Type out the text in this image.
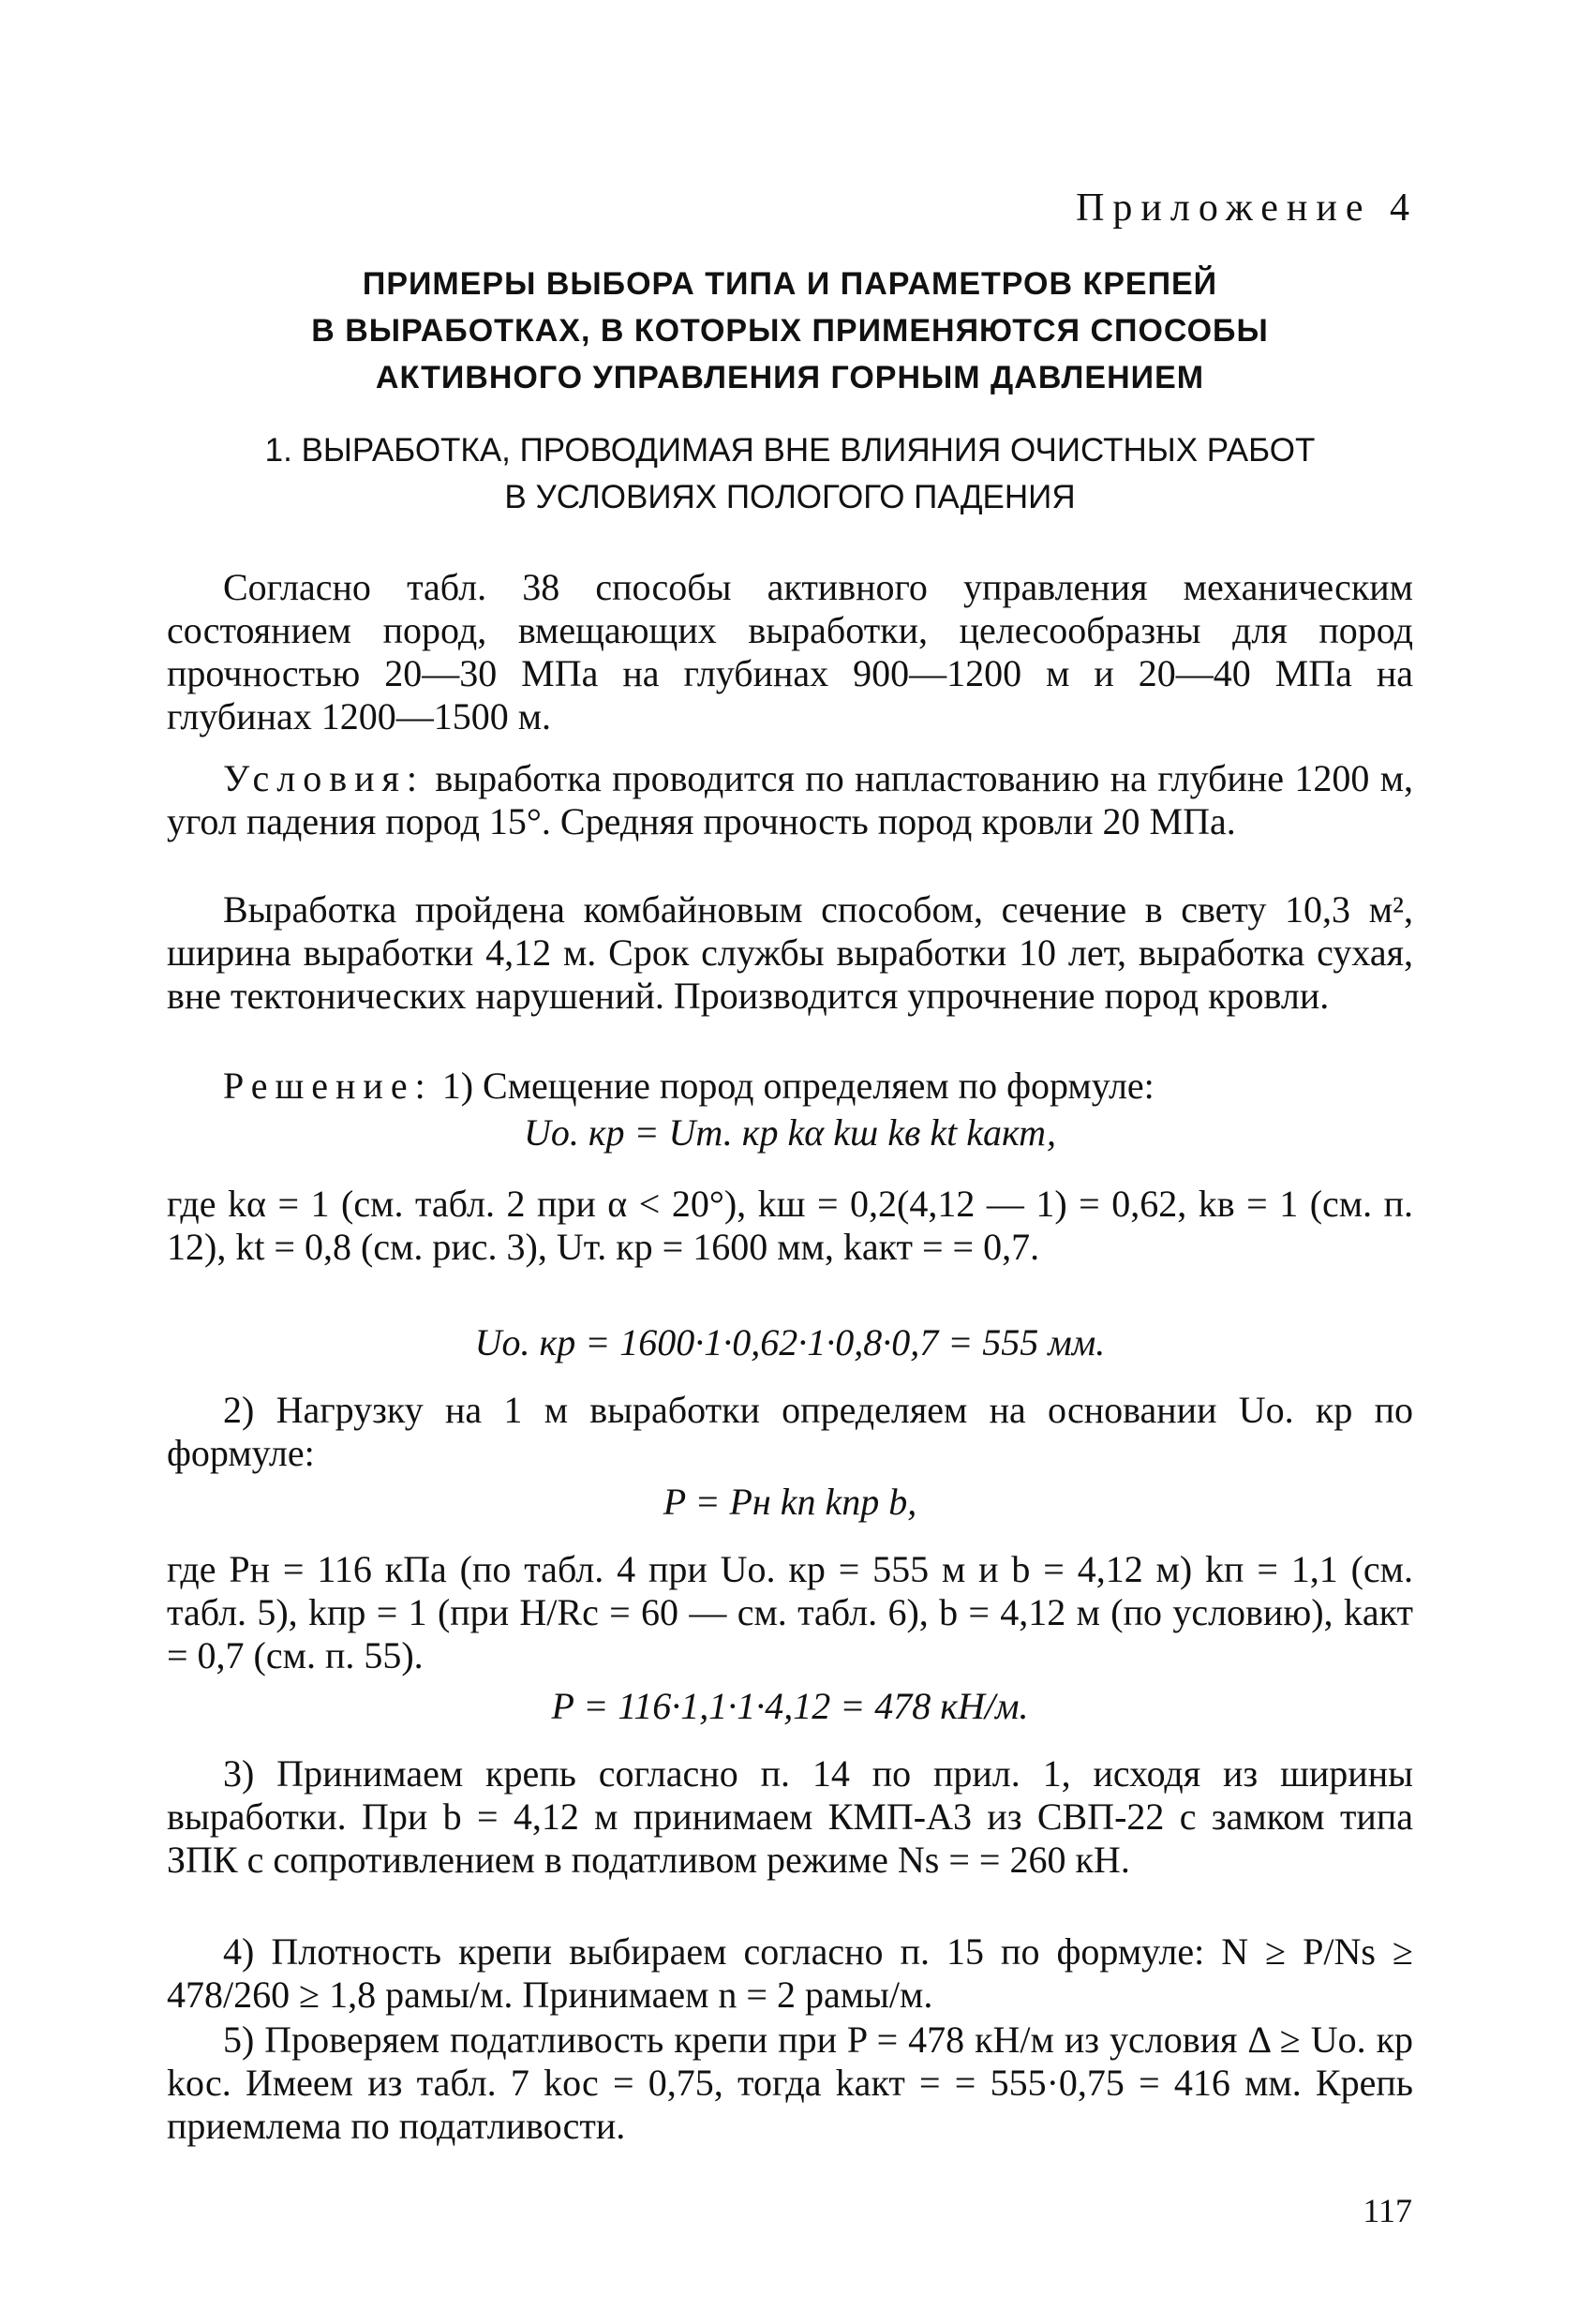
Приложение 4
ПРИМЕРЫ ВЫБОРА ТИПА И ПАРАМЕТРОВ КРЕПЕЙ
В ВЫРАБОТКАХ, В КОТОРЫХ ПРИМЕНЯЮТСЯ СПОСОБЫ
АКТИВНОГО УПРАВЛЕНИЯ ГОРНЫМ ДАВЛЕНИЕМ
1. ВЫРАБОТКА, ПРОВОДИМАЯ ВНЕ ВЛИЯНИЯ ОЧИСТНЫХ РАБОТ
В УСЛОВИЯХ ПОЛОГОГО ПАДЕНИЯ

Согласно табл. 38 способы активного управления механическим состоянием пород, вмещающих выработки, целесообразны для пород прочностью 20—30 МПа на глубинах 900—1200 м и 20—40 МПа на глубинах 1200—1500 м.

Условия: выработка проводится по напластованию на глубине 1200 м, угол падения пород 15°. Средняя прочность пород кровли 20 МПа.

Выработка пройдена комбайновым способом, сечение в свету 10,3 м², ширина выработки 4,12 м. Срок службы выработки 10 лет, выработка сухая, вне тектонических нарушений. Производится упрочнение пород кровли.

Решение: 1) Смещение пород определяем по формуле:

Uо. кр = Uт. кр kα kш kв kt kакт,

где kα = 1 (см. табл. 2 при α < 20°), kш = 0,2(4,12 — 1) = 0,62, kв = 1 (см. п. 12), kt = 0,8 (см. рис. 3), Uт. кр = 1600 мм, kакт = = 0,7.

Uо. кр = 1600·1·0,62·1·0,8·0,7 = 555 мм.

2) Нагрузку на 1 м выработки определяем на основании Uо. кр по формуле:

P = Pн kп kпр b,

где Pн = 116 кПа (по табл. 4 при Uо. кр = 555 м и b = 4,12 м) kп = 1,1 (см. табл. 5), kпр = 1 (при H/Rс = 60 — см. табл. 6), b = 4,12 м (по условию), kакт = 0,7 (см. п. 55).

P = 116·1,1·1·4,12 = 478 кН/м.

3) Принимаем крепь согласно п. 14 по прил. 1, исходя из ширины выработки. При b = 4,12 м принимаем КМП-А3 из СВП-22 с замком типа ЗПК с сопротивлением в податливом режиме Ns = = 260 кН.

4) Плотность крепи выбираем согласно п. 15 по формуле: N ≥ P/Ns ≥ 478/260 ≥ 1,8 рамы/м. Принимаем n = 2 рамы/м.

5) Проверяем податливость крепи при P = 478 кН/м из условия Δ ≥ Uо. кр kос. Имеем из табл. 7 kос = 0,75, тогда kакт = = 555·0,75 = 416 мм. Крепь приемлема по податливости.

117
